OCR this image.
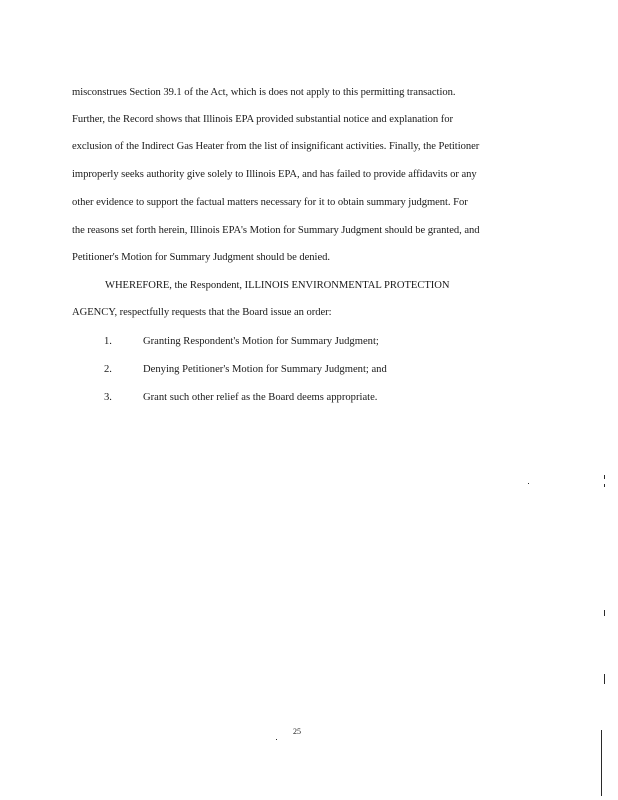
misconstrues Section 39.1 of the Act, which is does not apply to this permitting transaction.
Further, the Record shows that Illinois EPA provided substantial notice and explanation for
exclusion of the Indirect Gas Heater from the list of insignificant activities. Finally, the Petitioner
improperly seeks authority give solely to Illinois EPA, and has failed to provide affidavits or any
other evidence to support the factual matters necessary for it to obtain summary judgment. For
the reasons set forth herein, Illinois EPA's Motion for Summary Judgment should be granted, and
Petitioner's Motion for Summary Judgment should be denied.
WHEREFORE, the Respondent, ILLINOIS ENVIRONMENTAL PROTECTION
AGENCY, respectfully requests that the Board issue an order:
1.	Granting Respondent's Motion for Summary Judgment;
2.	Denying Petitioner's Motion for Summary Judgment; and
3.	Grant such other relief as the Board deems appropriate.
25
